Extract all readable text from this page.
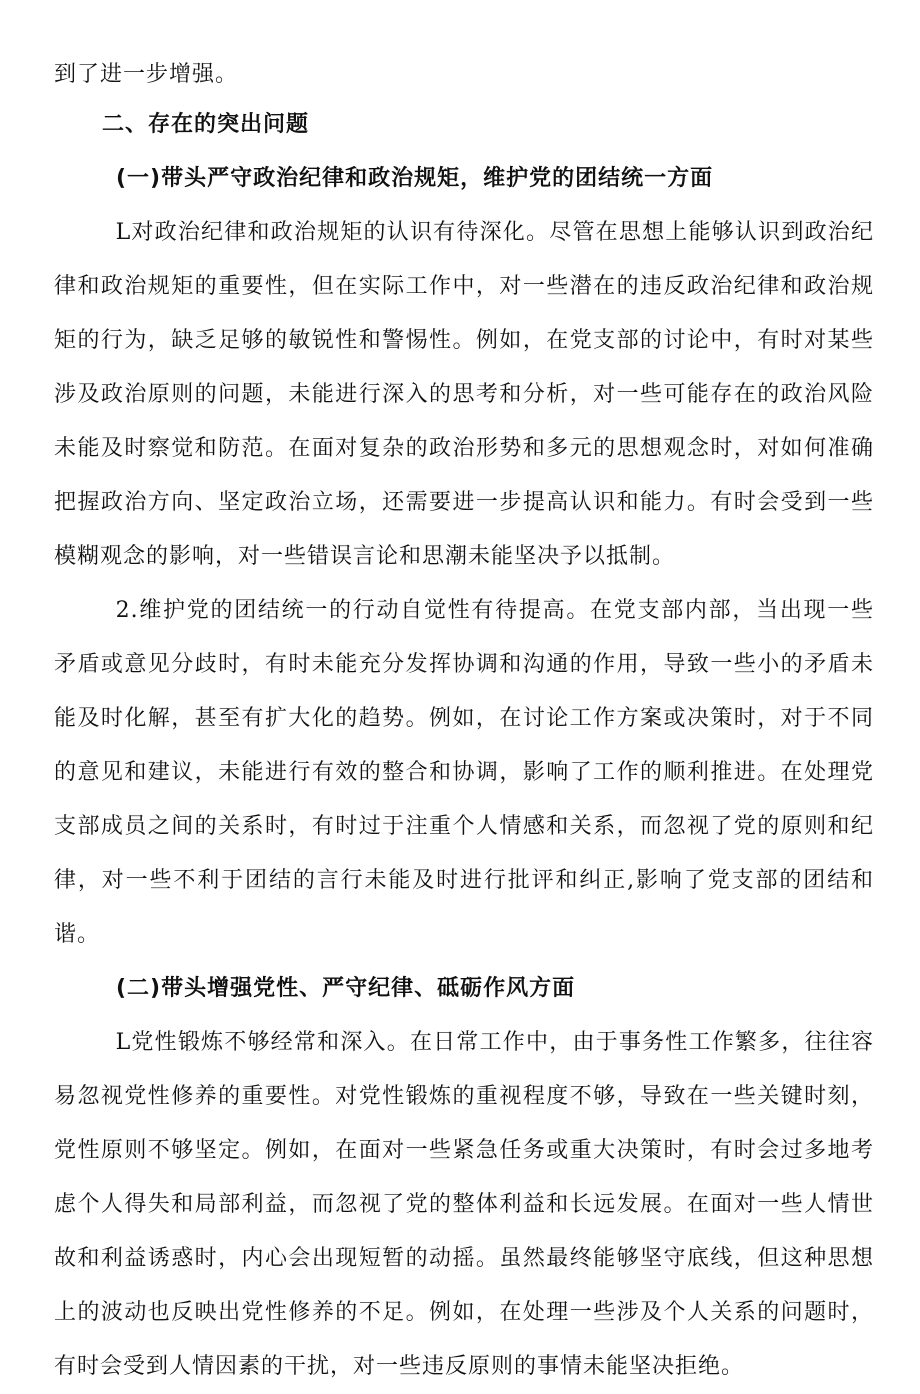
到了进一步增强。

二、存在的突出问题

(一)带头严守政治纪律和政治规矩，维护党的团结统一方面

L对政治纪律和政治规矩的认识有待深化。尽管在思想上能够认识到政治纪律和政治规矩的重要性，但在实际工作中，对一些潜在的违反政治纪律和政治规矩的行为，缺乏足够的敏锐性和警惕性。例如，在党支部的讨论中，有时对某些涉及政治原则的问题，未能进行深入的思考和分析，对一些可能存在的政治风险未能及时察觉和防范。在面对复杂的政治形势和多元的思想观念时，对如何准确把握政治方向、坚定政治立场，还需要进一步提高认识和能力。有时会受到一些模糊观念的影响，对一些错误言论和思潮未能坚决予以抵制。

2.维护党的团结统一的行动自觉性有待提高。在党支部内部，当出现一些矛盾或意见分歧时，有时未能充分发挥协调和沟通的作用，导致一些小的矛盾未能及时化解，甚至有扩大化的趋势。例如，在讨论工作方案或决策时，对于不同的意见和建议，未能进行有效的整合和协调，影响了工作的顺利推进。在处理党支部成员之间的关系时，有时过于注重个人情感和关系，而忽视了党的原则和纪律，对一些不利于团结的言行未能及时进行批评和纠正,影响了党支部的团结和谐。

(二)带头增强党性、严守纪律、砥砺作风方面

L党性锻炼不够经常和深入。在日常工作中，由于事务性工作繁多，往往容易忽视党性修养的重要性。对党性锻炼的重视程度不够，导致在一些关键时刻，党性原则不够坚定。例如，在面对一些紧急任务或重大决策时，有时会过多地考虑个人得失和局部利益，而忽视了党的整体利益和长远发展。在面对一些人情世故和利益诱惑时，内心会出现短暂的动摇。虽然最终能够坚守底线，但这种思想上的波动也反映出党性修养的不足。例如，在处理一些涉及个人关系的问题时，有时会受到人情因素的干扰，对一些违反原则的事情未能坚决拒绝。
